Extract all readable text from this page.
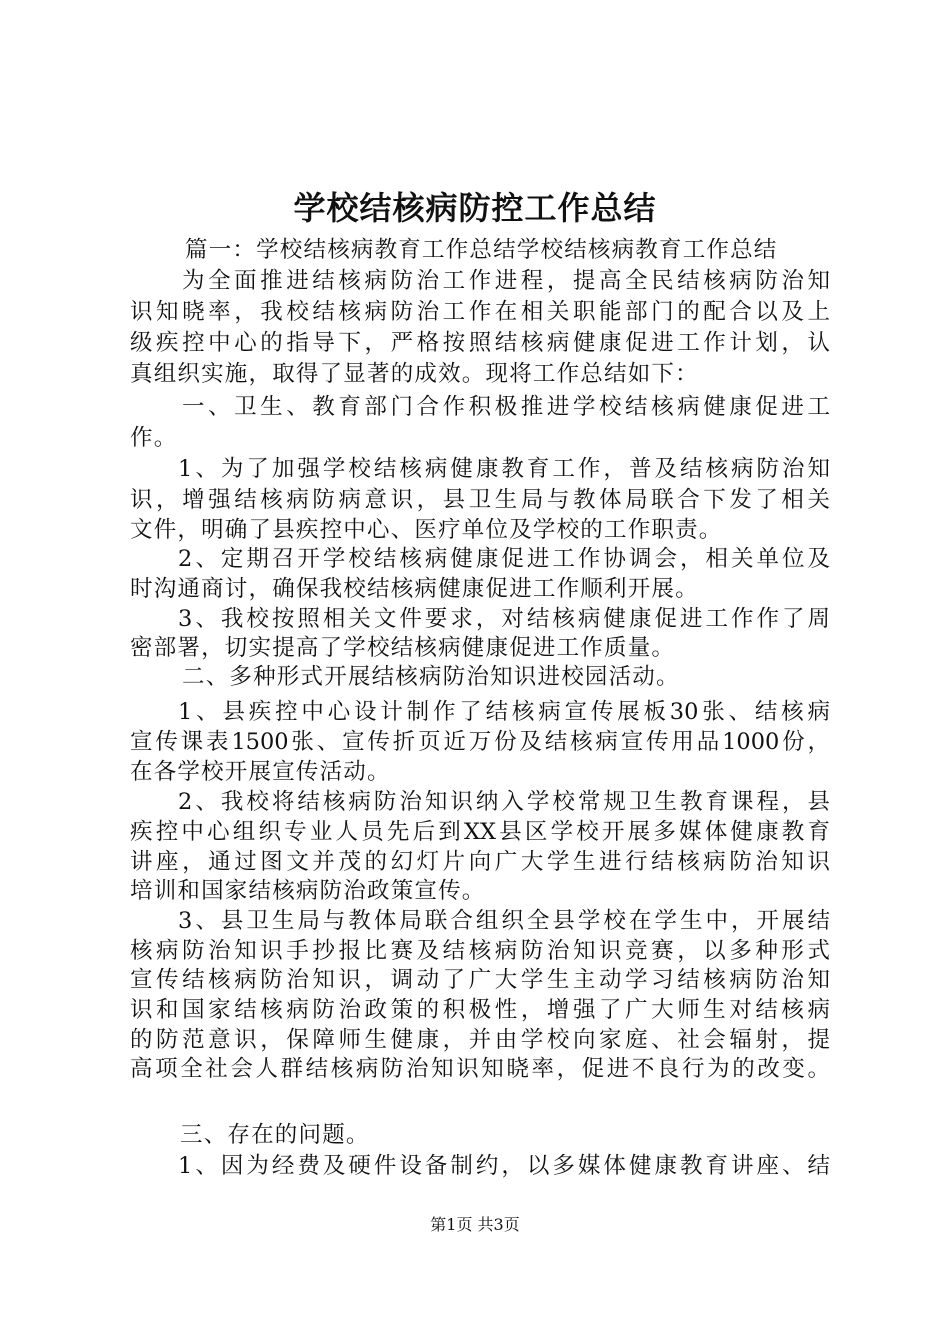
学校结核病防控工作总结
篇一：学校结核病教育工作总结学校结核病教育工作总结
为全面推进结核病防治工作进程，提高全民结核病防治知
识知晓率，我校结核病防治工作在相关职能部门的配合以及上
级疾控中心的指导下，严格按照结核病健康促进工作计划，认
真组织实施，取得了显著的成效。现将工作总结如下：
一、卫生、教育部门合作积极推进学校结核病健康促进工
作。
1、为了加强学校结核病健康教育工作，普及结核病防治知
识，增强结核病防病意识，县卫生局与教体局联合下发了相关
文件，明确了县疾控中心、医疗单位及学校的工作职责。
2、定期召开学校结核病健康促进工作协调会，相关单位及
时沟通商讨，确保我校结核病健康促进工作顺利开展。
3、我校按照相关文件要求，对结核病健康促进工作作了周
密部署，切实提高了学校结核病健康促进工作质量。
二、多种形式开展结核病防治知识进校园活动。
1、县疾控中心设计制作了结核病宣传展板30张、结核病
宣传课表1500张、宣传折页近万份及结核病宣传用品1000份，
在各学校开展宣传活动。
2、我校将结核病防治知识纳入学校常规卫生教育课程，县
疾控中心组织专业人员先后到XX县区学校开展多媒体健康教育
讲座，通过图文并茂的幻灯片向广大学生进行结核病防治知识
培训和国家结核病防治政策宣传。
3、县卫生局与教体局联合组织全县学校在学生中，开展结
核病防治知识手抄报比赛及结核病防治知识竞赛，以多种形式
宣传结核病防治知识，调动了广大学生主动学习结核病防治知
识和国家结核病防治政策的积极性，增强了广大师生对结核病
的防范意识，保障师生健康，并由学校向家庭、社会辐射，提
高项全社会人群结核病防治知识知晓率，促进不良行为的改变。
三、存在的问题。
1、因为经费及硬件设备制约，以多媒体健康教育讲座、结
第1页 共3页
